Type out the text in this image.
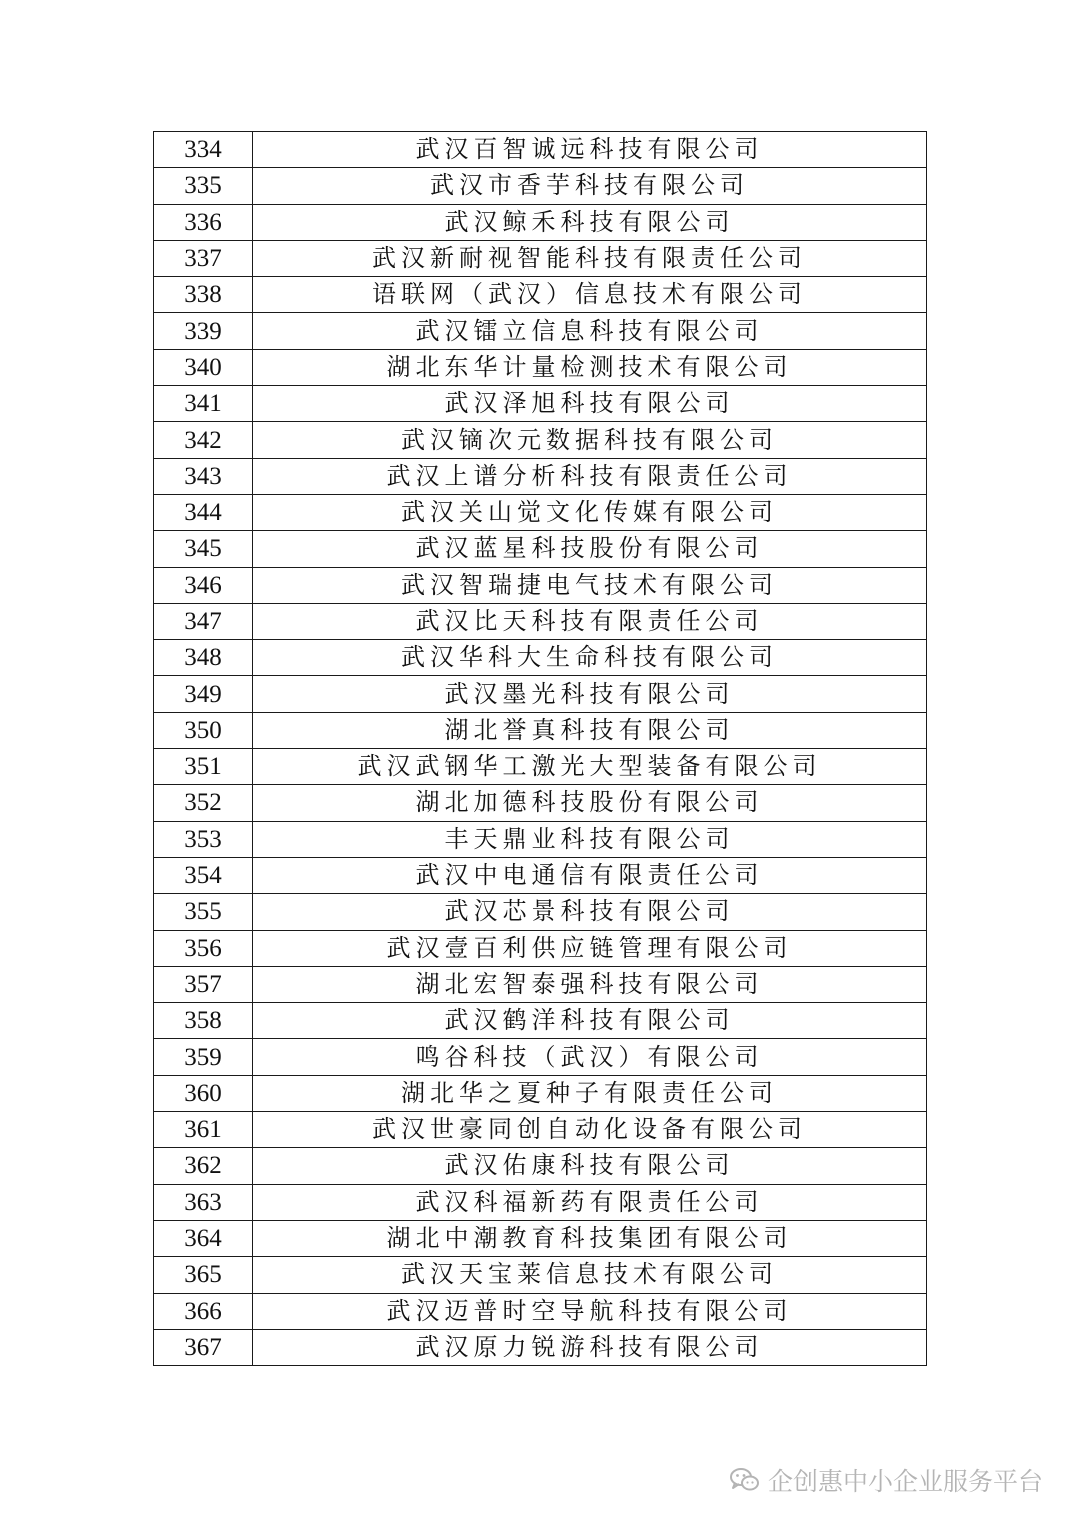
334	武汉百智诚远科技有限公司
335	武汉市香芋科技有限公司
336	武汉鲸禾科技有限公司
337	武汉新耐视智能科技有限责任公司
338	语联网（武汉）信息技术有限公司
339	武汉镭立信息科技有限公司
340	湖北东华计量检测技术有限公司
341	武汉泽旭科技有限公司
342	武汉镝次元数据科技有限公司
343	武汉上谱分析科技有限责任公司
344	武汉关山觉文化传媒有限公司
345	武汉蓝星科技股份有限公司
346	武汉智瑞捷电气技术有限公司
347	武汉比天科技有限责任公司
348	武汉华科大生命科技有限公司
349	武汉墨光科技有限公司
350	湖北誉真科技有限公司
351	武汉武钢华工激光大型装备有限公司
352	湖北加德科技股份有限公司
353	丰天鼎业科技有限公司
354	武汉中电通信有限责任公司
355	武汉芯景科技有限公司
356	武汉壹百利供应链管理有限公司
357	湖北宏智泰强科技有限公司
358	武汉鹤洋科技有限公司
359	鸣谷科技（武汉）有限公司
360	湖北华之夏种子有限责任公司
361	武汉世豪同创自动化设备有限公司
362	武汉佑康科技有限公司
363	武汉科福新药有限责任公司
364	湖北中潮教育科技集团有限公司
365	武汉天宝莱信息技术有限公司
366	武汉迈普时空导航科技有限公司
367	武汉原力锐游科技有限公司
企创惠中小企业服务平台
